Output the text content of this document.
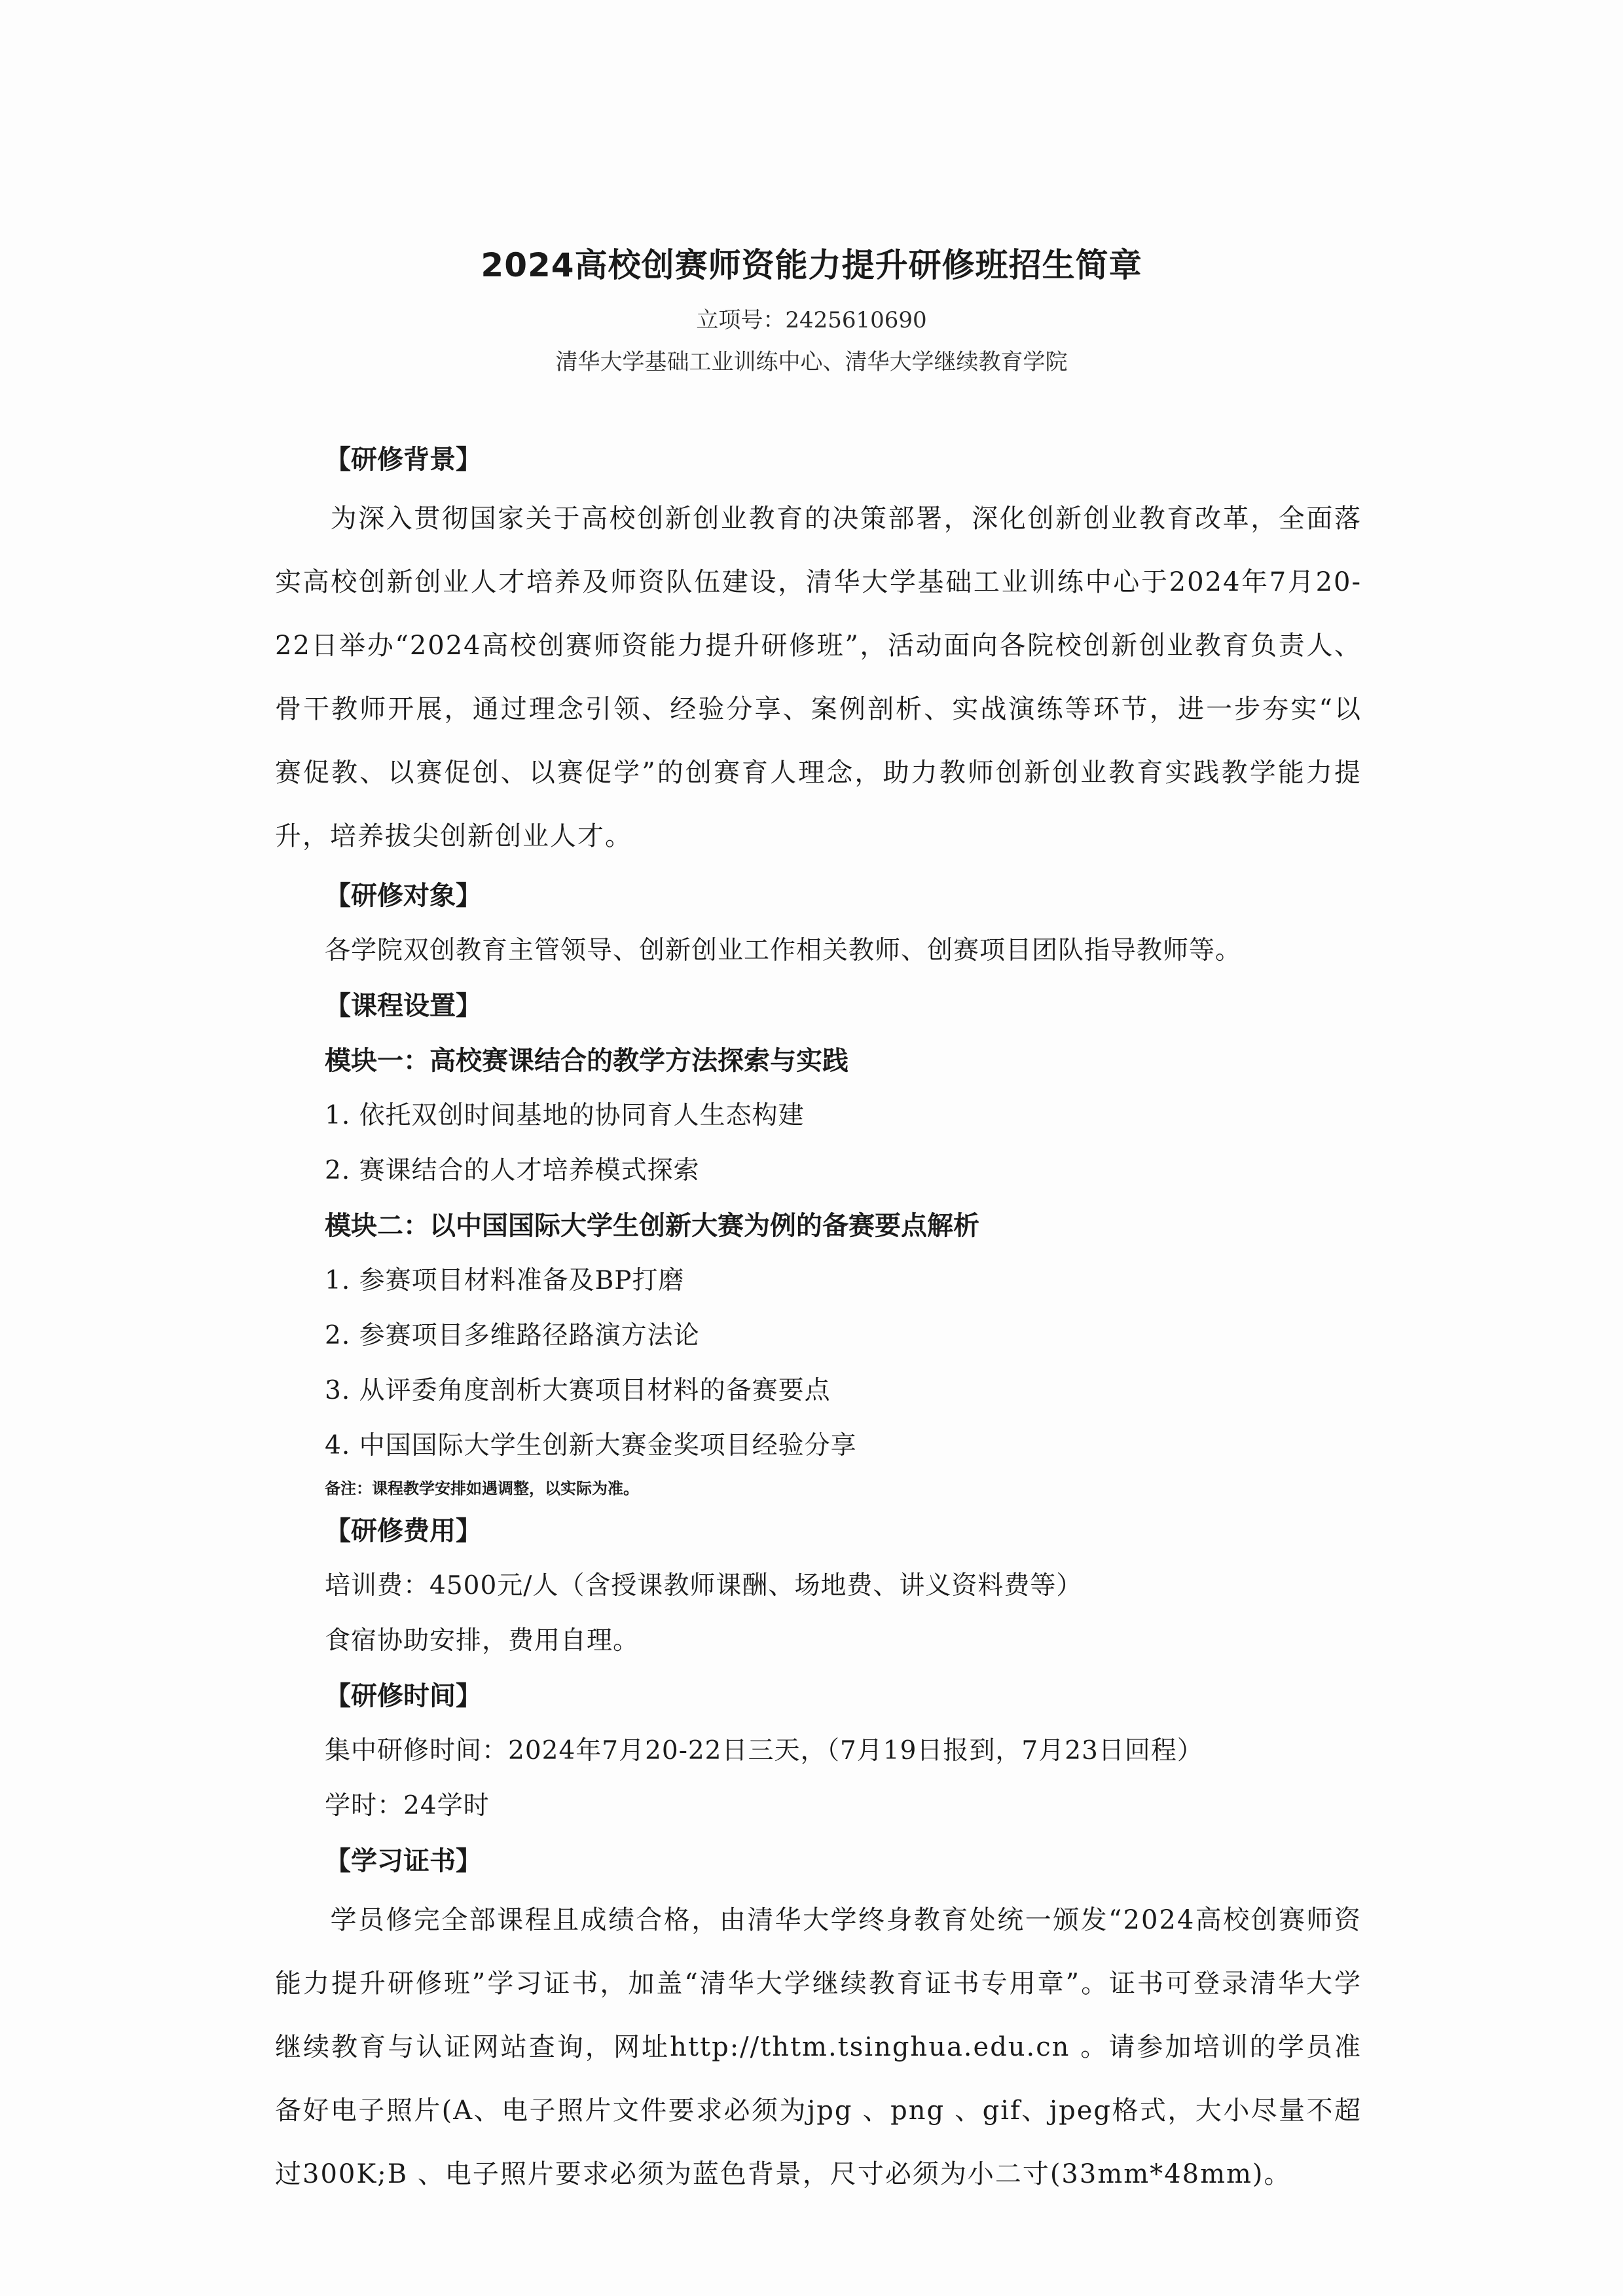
2024高校创赛师资能力提升研修班招生简章
立项号：2425610690
清华大学基础工业训练中心、清华大学继续教育学院
【研修背景】
为深入贯彻国家关于高校创新创业教育的决策部署，深化创新创业教育改革，全面落实高校创新创业人才培养及师资队伍建设，清华大学基础工业训练中心于2024年7月20-22日举办“2024高校创赛师资能力提升研修班”，活动面向各院校创新创业教育负责人、骨干教师开展，通过理念引领、经验分享、案例剖析、实战演练等环节，进一步夯实“以赛促教、以赛促创、以赛促学”的创赛育人理念，助力教师创新创业教育实践教学能力提升，培养拔尖创新创业人才。
【研修对象】
各学院双创教育主管领导、创新创业工作相关教师、创赛项目团队指导教师等。
【课程设置】
模块一：高校赛课结合的教学方法探索与实践
1. 依托双创时间基地的协同育人生态构建
2. 赛课结合的人才培养模式探索
模块二：以中国国际大学生创新大赛为例的备赛要点解析
1. 参赛项目材料准备及BP打磨
2. 参赛项目多维路径路演方法论
3. 从评委角度剖析大赛项目材料的备赛要点
4. 中国国际大学生创新大赛金奖项目经验分享
备注：课程教学安排如遇调整，以实际为准。
【研修费用】
培训费：4500元/人（含授课教师课酬、场地费、讲义资料费等）
食宿协助安排，费用自理。
【研修时间】
集中研修时间：2024年7月20-22日三天，（7月19日报到，7月23日回程）
学时：24学时
【学习证书】
学员修完全部课程且成绩合格，由清华大学终身教育处统一颁发“2024高校创赛师资能力提升研修班”学习证书，加盖“清华大学继续教育证书专用章”。证书可登录清华大学继续教育与认证网站查询，网址http://thtm.tsinghua.edu.cn 。请参加培训的学员准备好电子照片(A、电子照片文件要求必须为jpg 、png 、gif、jpeg格式，大小尽量不超过300K;B 、电子照片要求必须为蓝色背景，尺寸必须为小二寸(33mm*48mm)。
